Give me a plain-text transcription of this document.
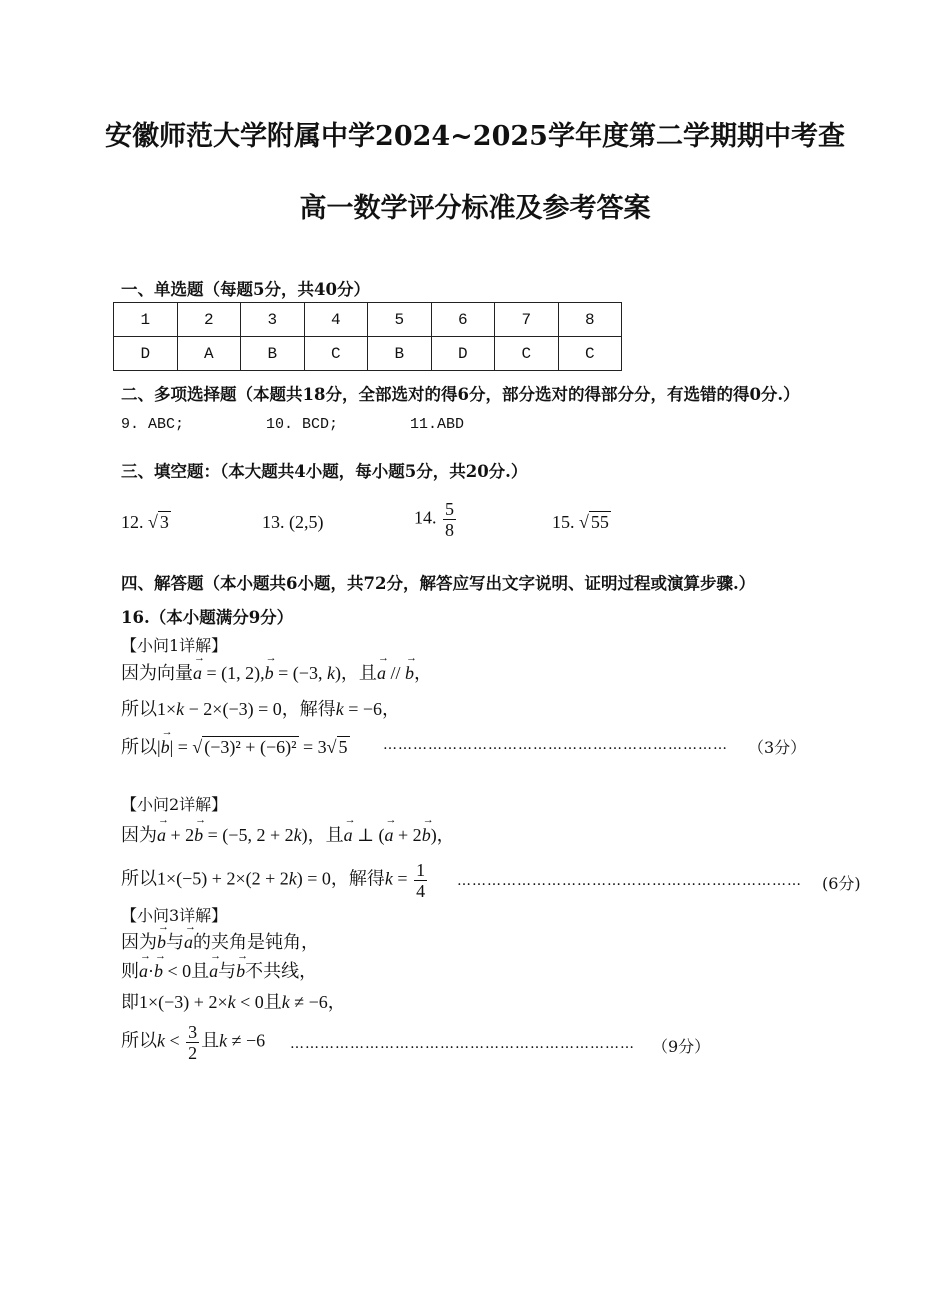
安徽师范大学附属中学2024~2025学年度第二学期期中考查
高一数学评分标准及参考答案
一、单选题（每题5分，共40分）
1	2	3	4	5	6	7	8
D	A	B	C	B	D	C	C
二、多项选择题（本题共18分，全部选对的得6分，部分选对的得部分分，有选错的得0分.）
9. ABC;	10. BCD;	11.ABD
三、填空题：（本大题共4小题，每小题5分，共20分.）
12. √ 3	13. (2,5)	14. $\frac{5}{8}$	15. √ 55
四、解答题（本小题共6小题，共72分，解答应写出文字说明、证明过程或演算步骤.）
16.（本小题满分9分）
【小问1详解】
因为向量→ a = (1, 2),→ b = (−3, k)，且→ a // → b，
所以1×k − 2×(−3) = 0，解得k = −6，
所以|→ b| = √ (−3)² + (−6)² = 3√ 5	…………………………………………………………… （3分）
【小问2详解】
因为→ a + 2→ b = (−5, 2 + 2k)，且→ a ⊥ (→ a + 2→ b)，
所以1×(−5) + 2×(2 + 2k) = 0，解得$k = \frac{1}{4}$ …………………………………………………………… (6分)
【小问3详解】
因为→ b与→ a的夹角是钝角，
则→ a·→ b < 0且→ a与→ b不共线，
即1×(−3) + 2×k < 0且k ≠ −6，
所以$k < \frac{3}{2}$ 且k ≠ −6 …………………………………………………………… （9分）
